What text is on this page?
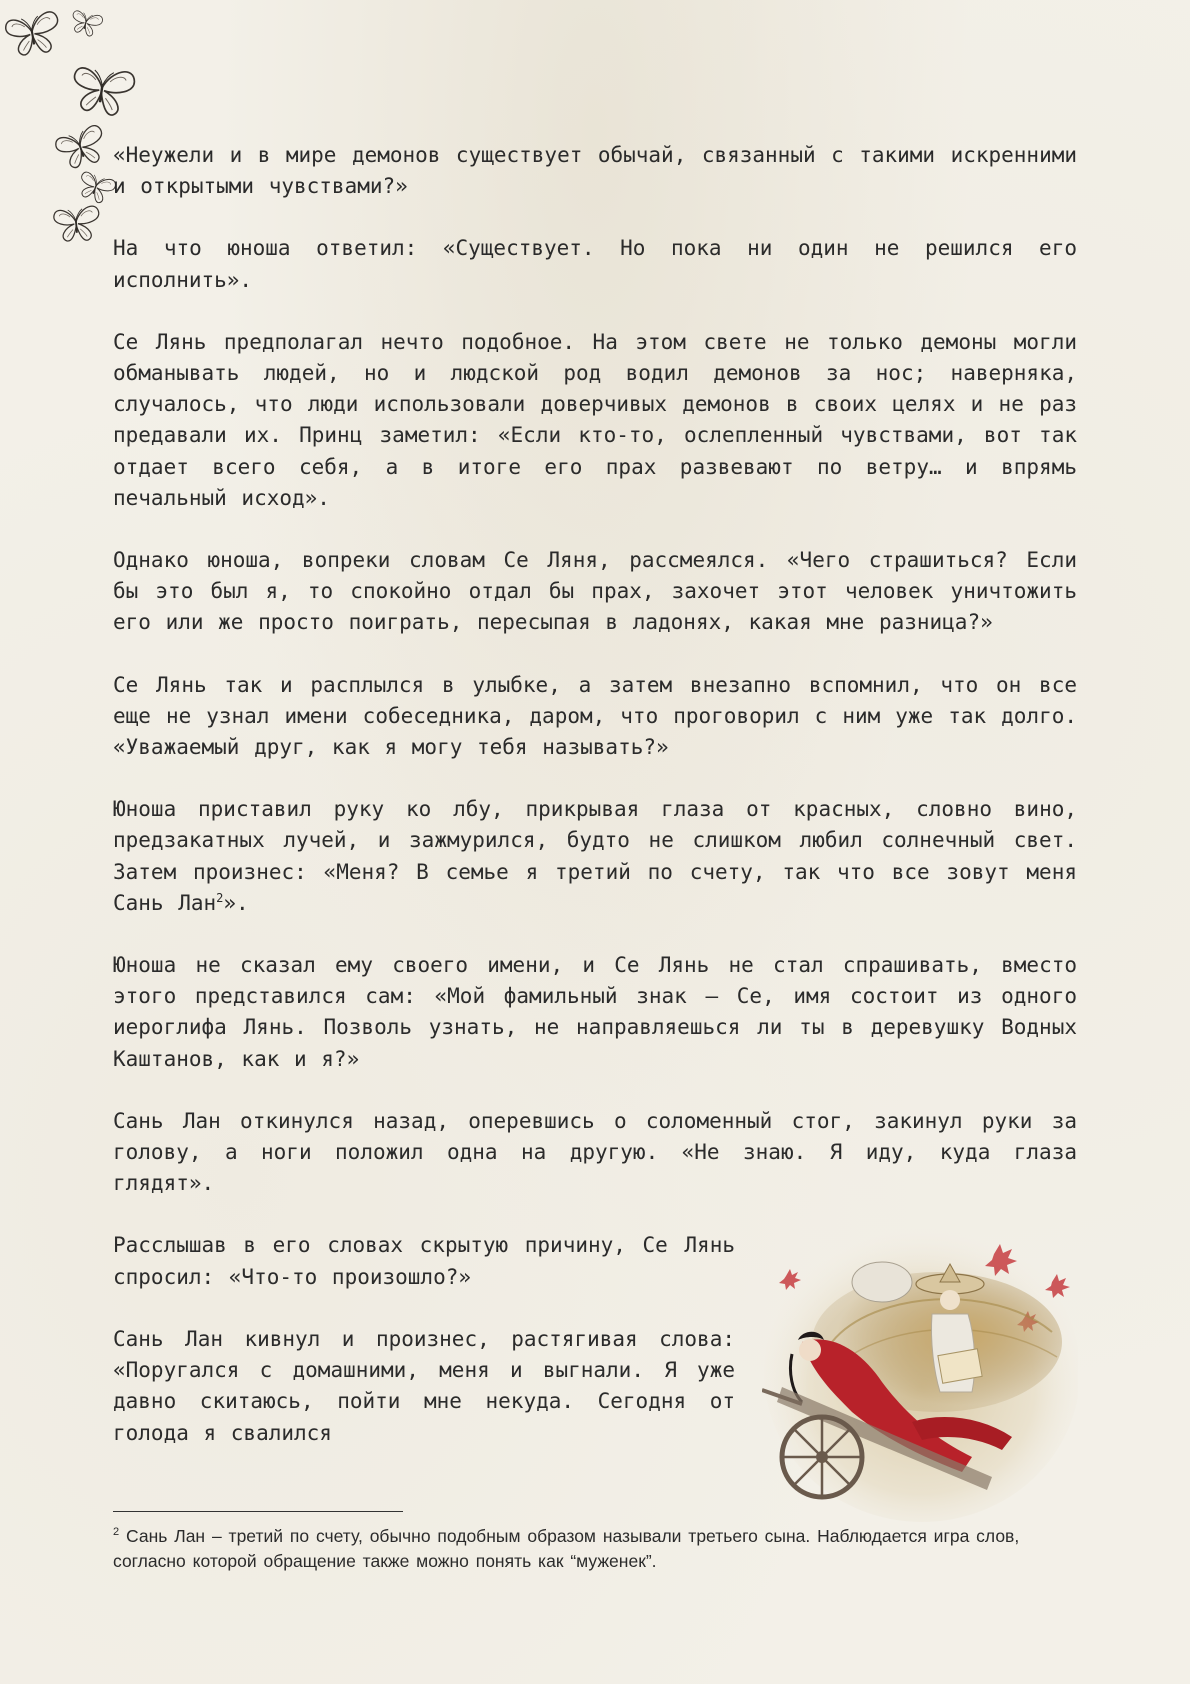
«Неужели и в мире демонов существует обычай, связанный с такими искренними и открытыми чувствами?»

На что юноша ответил: «Существует. Но пока ни один не решился его исполнить».

Се Лянь предполагал нечто подобное. На этом свете не только демоны могли обманывать людей, но и людской род водил демонов за нос; наверняка, случалось, что люди использовали доверчивых демонов в своих целях и не раз предавали их. Принц заметил: «Если кто-то, ослепленный чувствами, вот так отдает всего себя, а в итоге его прах развевают по ветру… и впрямь печальный исход».

Однако юноша, вопреки словам Се Ляня, рассмеялся. «Чего страшиться? Если бы это был я, то спокойно отдал бы прах, захочет этот человек уничтожить его или же просто поиграть, пересыпая в ладонях, какая мне разница?»

Се Лянь так и расплылся в улыбке, а затем внезапно вспомнил, что он все еще не узнал имени собеседника, даром, что проговорил с ним уже так долго. «Уважаемый друг, как я могу тебя называть?»

Юноша приставил руку ко лбу, прикрывая глаза от красных, словно вино, предзакатных лучей, и зажмурился, будто не слишком любил солнечный свет. Затем произнес: «Меня? В семье я третий по счету, так что все зовут меня Сань Лан$^2$».

Юноша не сказал ему своего имени, и Се Лянь не стал спрашивать, вместо этого представился сам: «Мой фамильный знак — Се, имя состоит из одного иероглифа Лянь. Позволь узнать, не направляешься ли ты в деревушку Водных Каштанов, как и я?»

Сань Лан откинулся назад, оперевшись о соломенный стог, закинул руки за голову, а ноги положил одна на другую. «Не знаю. Я иду, куда глаза глядят».

Расслышав в его словах скрытую причину, Се Лянь спросил: «Что-то произошло?»

Сань Лан кивнул и произнес, растягивая слова: «Поругался с домашними, меня и выгнали. Я уже давно скитаюсь, пойти мне некуда. Сегодня от голода я свалился

$^2$ Сань Лан – третий по счету, обычно подобным образом называли третьего сына. Наблюдается игра слов, согласно которой обращение также можно понять как “муженек”.
